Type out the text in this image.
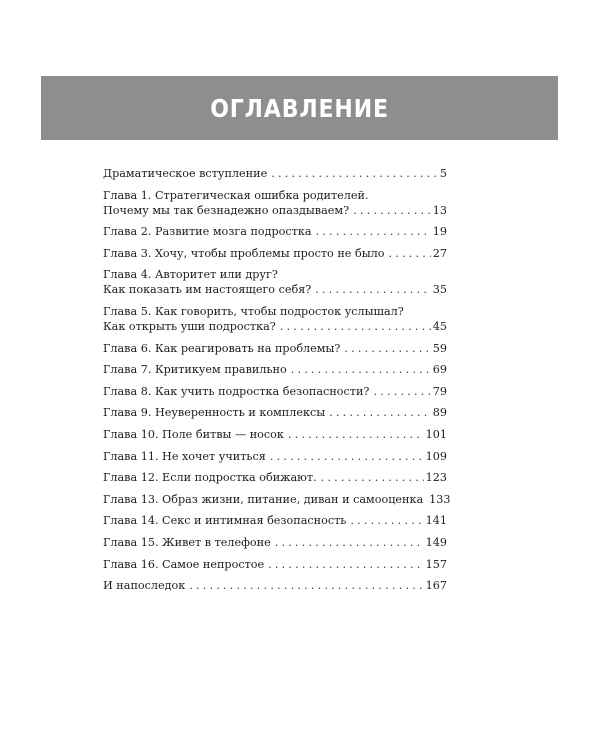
ОГЛАВЛЕНИЕ
Драматическое вступление .....	5
Глава 1. Стратегическая ошибка родителей.
Почему мы так безнадежно опаздываем? .....	13
Глава 2. Развитие мозга подростка .....	19
Глава 3. Хочу, чтобы проблемы просто не было .....	27
Глава 4. Авторитет или друг?
Как показать им настоящего себя? .....	35
Глава 5. Как говорить, чтобы подросток услышал?
Как открыть уши подростка? .....	45
Глава 6. Как реагировать на проблемы? .....	59
Глава 7. Критикуем правильно .....	69
Глава 8. Как учить подростка безопасности? .....	79
Глава 9. Неуверенность и комплексы .....	89
Глава 10. Поле битвы — носок .....	101
Глава 11. Не хочет учиться .....	109
Глава 12. Если подростка обижают. .....	123
Глава 13. Образ жизни, питание, диван и самооценка 133
Глава 14. Секс и интимная безопасность .....	141
Глава 15. Живет в телефоне .....	149
Глава 16. Самое непростое .....	157
И напоследок .....	167
